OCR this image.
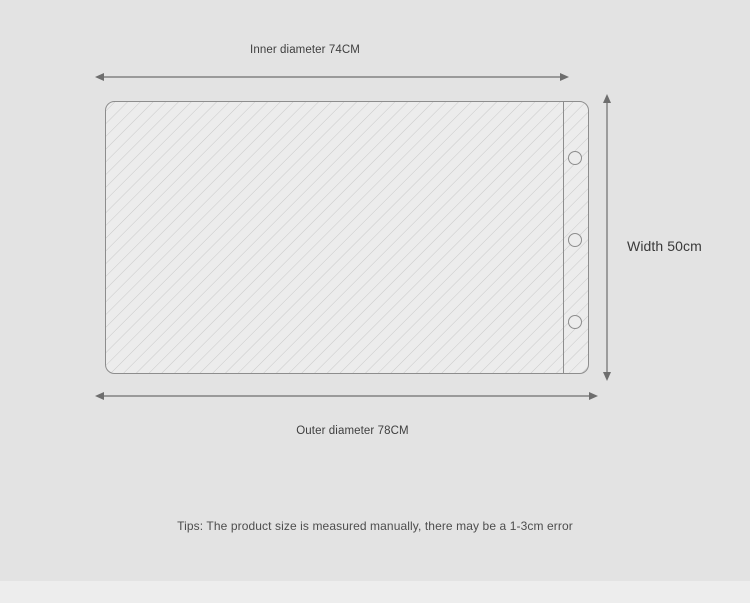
Inner diameter 74CM
Outer diameter 78CM
Width 50cm
Tips: The product size is measured manually, there may be a 1-3cm error
